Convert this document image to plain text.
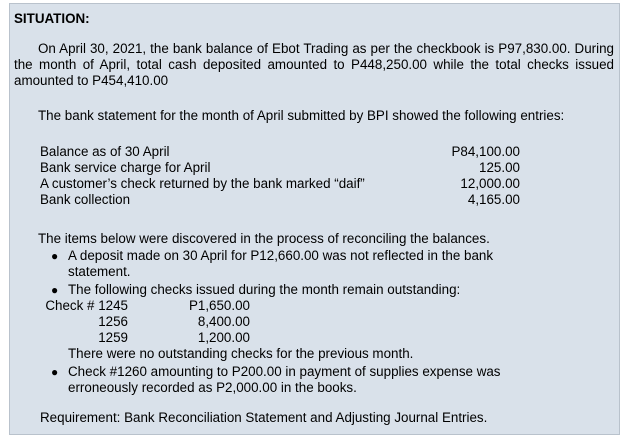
SITUATION:
On April 30, 2021, the bank balance of Ebot Trading as per the checkbook is P97,830.00. During the month of April, total cash deposited amounted to P448,250.00 while the total checks issued amounted to P454,410.00
The bank statement for the month of April submitted by BPI showed the following entries:
Balance as of 30 April	P84,100.00
Bank service charge for April	125.00
A customer’s check returned by the bank marked “daif”	12,000.00
Bank collection	4,165.00
The items below were discovered in the process of reconciling the balances.
● A deposit made on 30 April for P12,660.00 was not reflected in the bank statement.
● The following checks issued during the month remain outstanding:
Check # 1245	P1,650.00
1256	8,400.00
1259	1,200.00
There were no outstanding checks for the previous month.
● Check #1260 amounting to P200.00 in payment of supplies expense was erroneously recorded as P2,000.00 in the books.
Requirement: Bank Reconciliation Statement and Adjusting Journal Entries.
